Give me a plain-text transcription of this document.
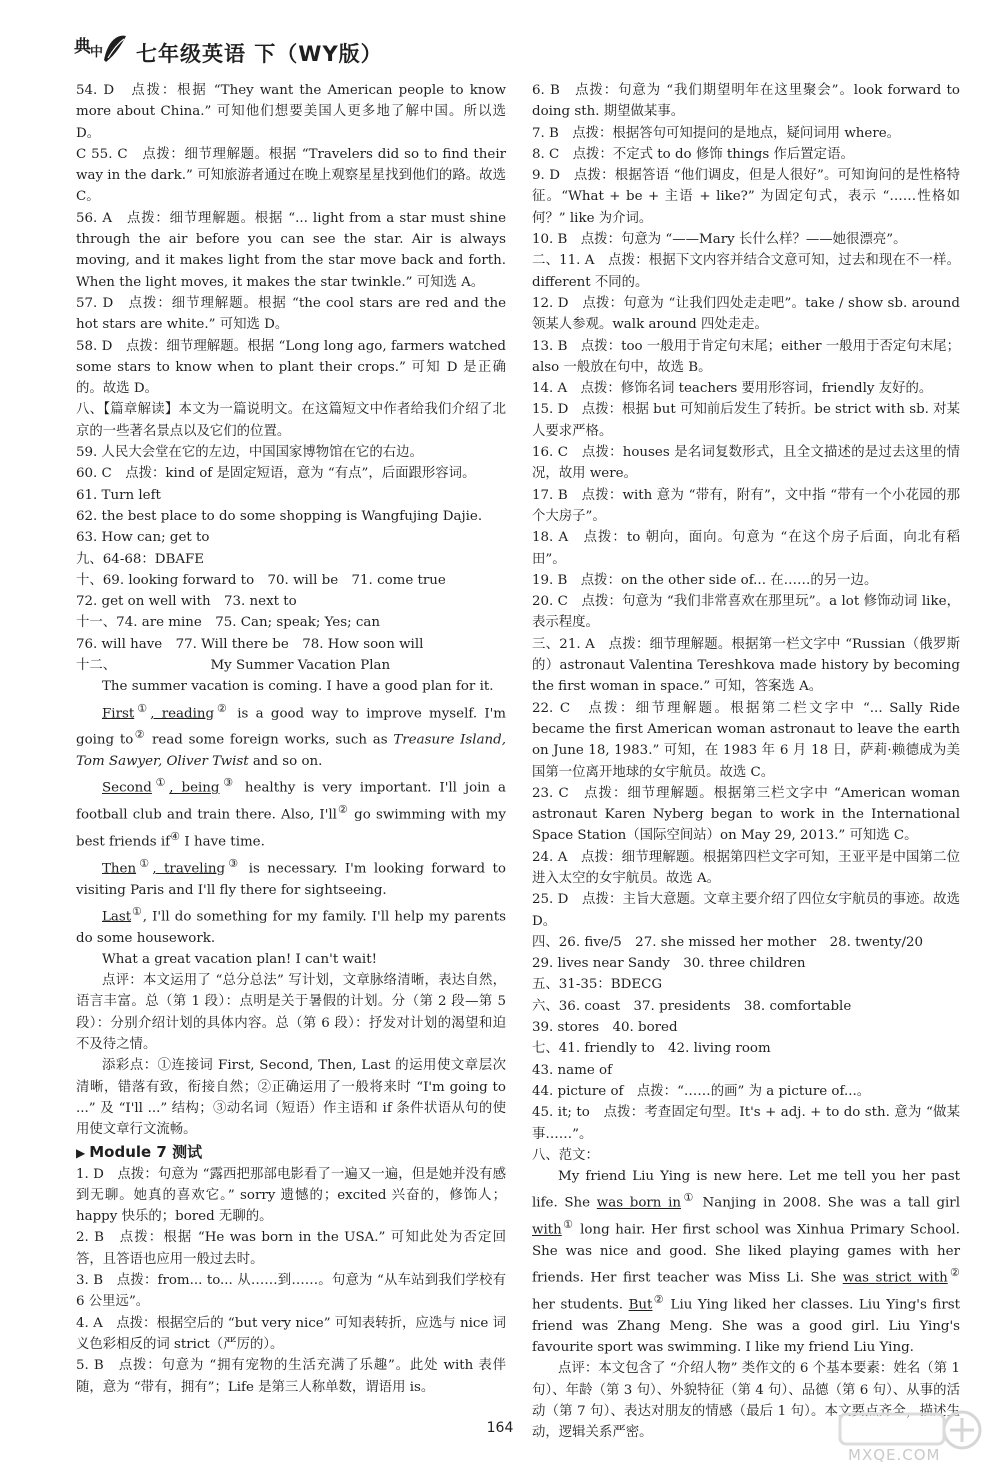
典 中 七年级英语 下（WY版）

54. D　点拨：根据 “They want the American people to know more about China.” 可知他们想要美国人更多地了解中国。所以选 D。

C 55. C　点拨：细节理解题。根据 “Travelers did so to find their way in the dark.” 可知旅游者通过在晚上观察星星找到他们的路。故选 C。

56. A　点拨：细节理解题。根据 “... light from a star must shine through the air before you can see the star. Air is always moving, and it makes light from the star move back and forth. When the light moves, it makes the star twinkle.” 可知选 A。

57. D　点拨：细节理解题。根据 “the cool stars are red and the hot stars are white.” 可知选 D。

58. D　点拨：细节理解题。根据 “Long long ago, farmers watched some stars to know when to plant their crops.” 可知 D 是正确的。故选 D。

八、【篇章解读】本文为一篇说明文。在这篇短文中作者给我们介绍了北京的一些著名景点以及它们的位置。

59. 人民大会堂在它的左边，中国国家博物馆在它的右边。

60. C　点拨：kind of 是固定短语，意为 “有点”，后面跟形容词。

61. Turn left

62. the best place to do some shopping is Wangfujing Dajie.

63. How can; get to

九、64-68：DBAFE

十、69. looking forward to　70. will be　71. come true

72. get on well with　73. next to

十一、74. are mine　75. Can; speak; Yes; can

76. will have　77. Will there be　78. How soon will

十二、	My Summer Vacation Plan

The summer vacation is coming. I have a good plan for it.

First①, reading② is a good way to improve myself. I'm going to② read some foreign works, such as Treasure Island, Tom Sawyer, Oliver Twist and so on.

Second①, being③ healthy is very important. I'll join a football club and train there. Also, I'll② go swimming with my best friends if④ I have time.

Then①, traveling③ is necessary. I'm looking forward to visiting Paris and I'll fly there for sightseeing.

Last①, I'll do something for my family. I'll help my parents do some housework.

What a great vacation plan! I can't wait!

点评：本文运用了 “总分总法” 写计划，文章脉络清晰，表达自然，语言丰富。总（第 1 段）：点明是关于暑假的计划。分（第 2 段—第 5 段）：分别介绍计划的具体内容。总（第 6 段）：抒发对计划的渴望和迫不及待之情。

添彩点：①连接词 First, Second, Then, Last 的运用使文章层次清晰，错落有致，衔接自然；②正确运用了一般将来时 “I'm going to ...” 及 “I'll ...” 结构；③动名词（短语）作主语和 if 条件状语从句的使用使文章行文流畅。

▶ Module 7 测试

1. D　点拨：句意为 “露西把那部电影看了一遍又一遍，但是她并没有感到无聊。她真的喜欢它。” sorry 遗憾的；excited 兴奋的，修饰人；happy 快乐的；bored 无聊的。

2. B　点拨：根据 “He was born in the USA.” 可知此处为否定回答，且答语也应用一般过去时。

3. B　点拨：from... to... 从……到……。句意为 “从车站到我们学校有 6 公里远”。

4. A　点拨：根据空后的 “but very nice” 可知表转折，应选与 nice 词义色彩相反的词 strict（严厉的）。

5. B　点拨：句意为 “拥有宠物的生活充满了乐趣”。此处 with 表伴随，意为 “带有，拥有”；Life 是第三人称单数，谓语用 is。

6. B　点拨：句意为 “我们期望明年在这里聚会”。look forward to doing sth. 期望做某事。

7. B　点拨：根据答句可知提问的是地点，疑问词用 where。

8. C　点拨：不定式 to do 修饰 things 作后置定语。

9. D　点拨：根据答语 “他们调皮，但是人很好”。可知询问的是性格特征。“What + be + 主语 + like?” 为固定句式，表示 “……性格如何？” like 为介词。

10. B　点拨：句意为 “——Mary 长什么样？——她很漂亮”。

二、11. A　点拨：根据下文内容并结合文意可知，过去和现在不一样。different 不同的。

12. D　点拨：句意为 “让我们四处走走吧”。take / show sb. around 领某人参观。walk around 四处走走。

13. B　点拨：too 一般用于肯定句末尾；either 一般用于否定句末尾；also 一般放在句中，故选 B。

14. A　点拨：修饰名词 teachers 要用形容词，friendly 友好的。

15. D　点拨：根据 but 可知前后发生了转折。be strict with sb. 对某人要求严格。

16. C　点拨：houses 是名词复数形式，且全文描述的是过去这里的情况，故用 were。

17. B　点拨：with 意为 “带有，附有”，文中指 “带有一个小花园的那个大房子”。

18. A　点拨：to 朝向，面向。句意为 “在这个房子后面，向北有稻田”。

19. B　点拨：on the other side of... 在……的另一边。

20. C　点拨：句意为 “我们非常喜欢在那里玩”。a lot 修饰动词 like，表示程度。

三、21. A　点拨：细节理解题。根据第一栏文字中 “Russian（俄罗斯的）astronaut Valentina Tereshkova made history by becoming the first woman in space.” 可知，答案选 A。

22. C　点拨：细节理解题。根据第二栏文字中 “... Sally Ride became the first American woman astronaut to leave the earth on June 18, 1983.” 可知，在 1983 年 6 月 18 日，萨莉·赖德成为美国第一位离开地球的女宇航员。故选 C。

23. C　点拨：细节理解题。根据第三栏文字中 “American woman astronaut Karen Nyberg began to work in the International Space Station（国际空间站）on May 29, 2013.” 可知选 C。

24. A　点拨：细节理解题。根据第四栏文字可知，王亚平是中国第二位进入太空的女宇航员。故选 A。

25. D　点拨：主旨大意题。文章主要介绍了四位女宇航员的事迹。故选 D。

四、26. five/5　27. she missed her mother　28. twenty/20

29. lives near Sandy　30. three children

五、31-35：BDECG

六、36. coast　37. presidents　38. comfortable

39. stores　40. bored

七、41. friendly to　42. living room

43. name of

44. picture of　点拨：“……的画” 为 a picture of...。

45. it; to　点拨：考查固定句型。It's + adj. + to do sth. 意为 “做某事……”。

八、范文：

My friend Liu Ying is new here. Let me tell you her past life. She was born in① Nanjing in 2008. She was a tall girl with① long hair. Her first school was Xinhua Primary School. She was nice and good. She liked playing games with her friends. Her first teacher was Miss Li. She was strict with② her students. But② Liu Ying liked her classes. Liu Ying's first friend was Zhang Meng. She was a good girl. Liu Ying's favourite sport was swimming. I like my friend Liu Ying.

点评：本文包含了 “介绍人物” 类作文的 6 个基本要素：姓名（第 1 句）、年龄（第 3 句）、外貌特征（第 4 句）、品德（第 6 句）、从事的活动（第 7 句）、表达对朋友的情感（最后 1 句）。本文要点齐全，描述生动，逻辑关系严密。

164
MXQE.COM
